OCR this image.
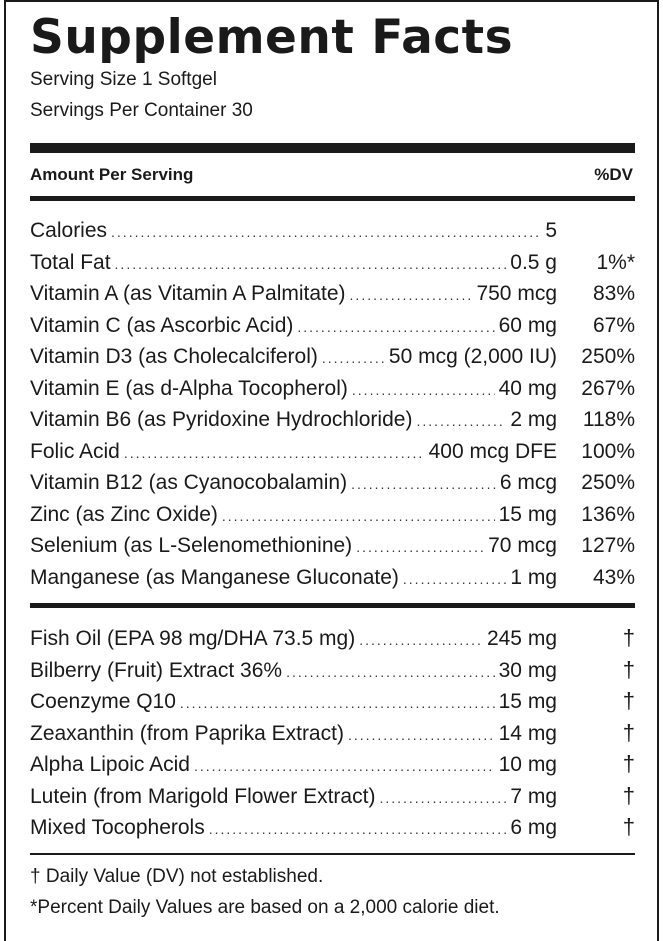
Supplement Facts
Serving Size 1 Softgel
Servings Per Container 30
Amount Per Serving	%DV
Calories .....	5
Total Fat .....	0.5 g	1%*
Vitamin A (as Vitamin A Palmitate) .....	750 mcg	83%
Vitamin C (as Ascorbic Acid) .....	60 mg	67%
Vitamin D3 (as Cholecalciferol) .....	50 mcg (2,000 IU)	250%
Vitamin E (as d-Alpha Tocopherol) .....	40 mg	267%
Vitamin B6 (as Pyridoxine Hydrochloride) .....	2 mg	118%
Folic Acid .....	400 mcg DFE	100%
Vitamin B12 (as Cyanocobalamin) .....	6 mcg	250%
Zinc (as Zinc Oxide) .....	15 mg	136%
Selenium (as L-Selenomethionine) .....	70 mcg	127%
Manganese (as Manganese Gluconate) .....	1 mg	43%
Fish Oil (EPA 98 mg/DHA 73.5 mg) .....	245 mg	†
Bilberry (Fruit) Extract 36% .....	30 mg	†
Coenzyme Q10 .....	15 mg	†
Zeaxanthin (from Paprika Extract) .....	14 mg	†
Alpha Lipoic Acid .....	10 mg	†
Lutein (from Marigold Flower Extract) .....	7 mg	†
Mixed Tocopherols .....	6 mg	†
† Daily Value (DV) not established.
*Percent Daily Values are based on a 2,000 calorie diet.
